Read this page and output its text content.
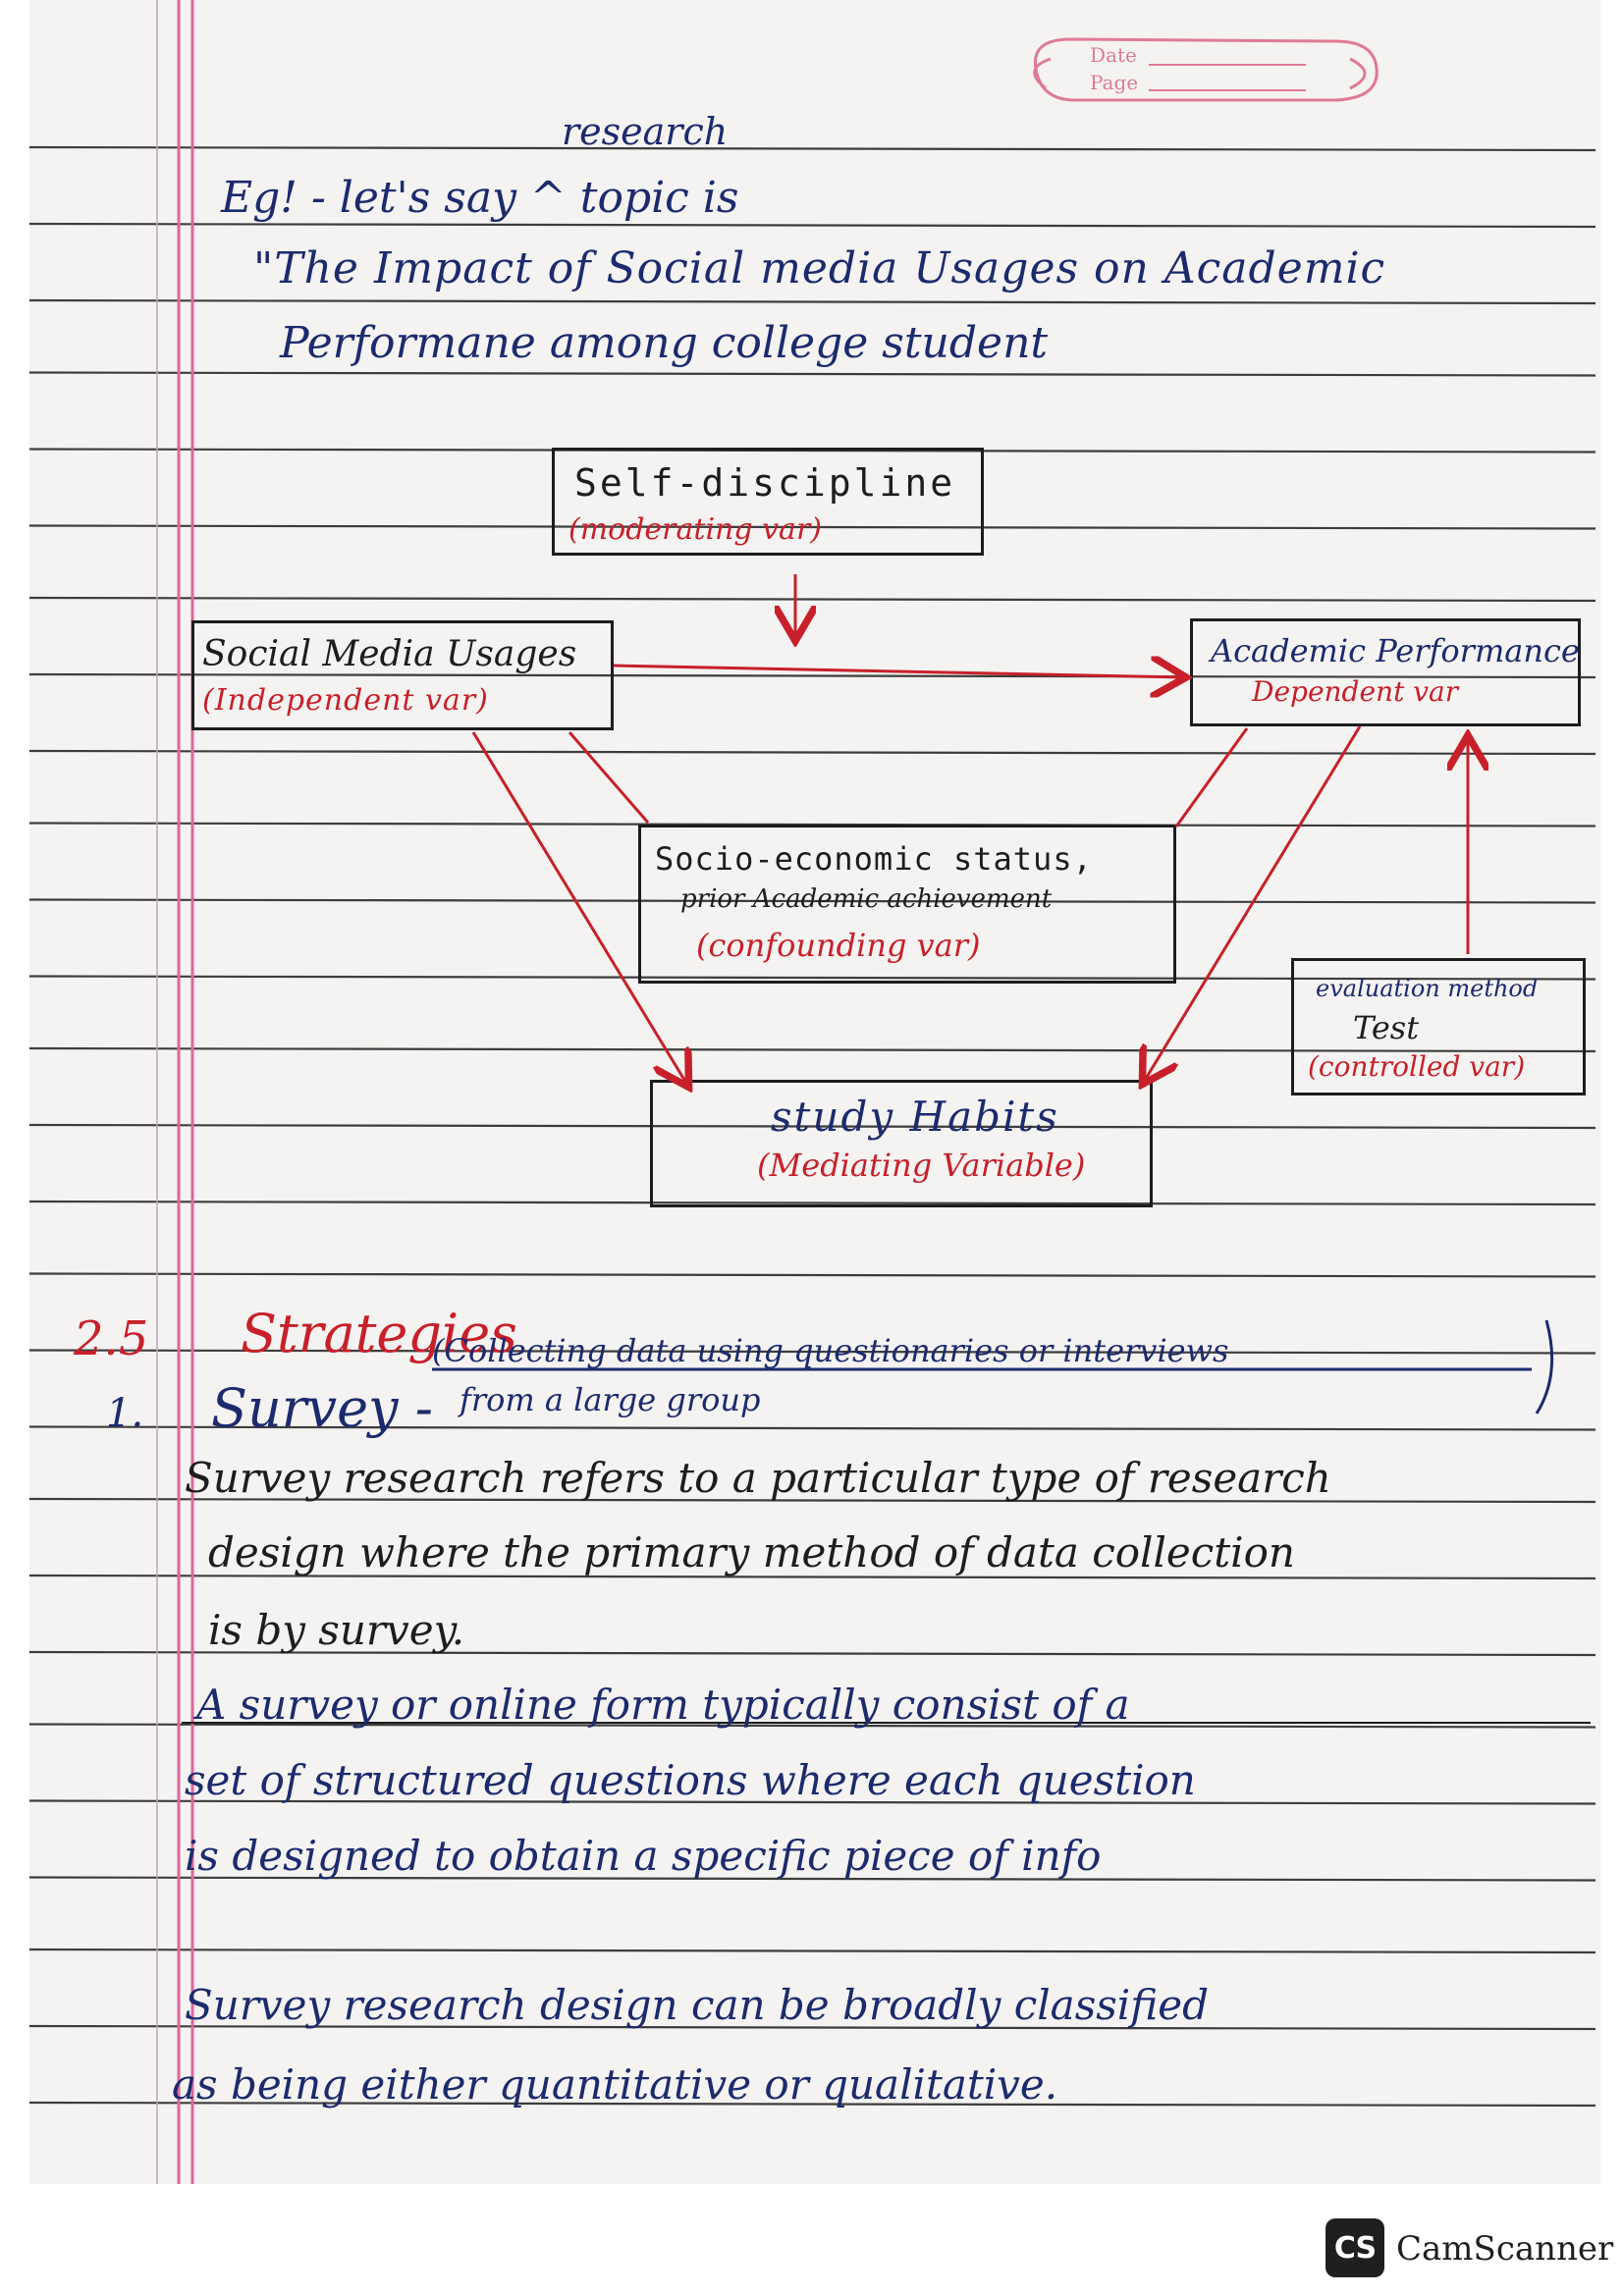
Date
Page
research
Eg! - let's say ^ topic is
"The Impact of Social media Usages on Academic
Performane among college student
Self-discipline
(moderating var)
Social Media Usages
(Independent var)
Academic Performance
Dependent var
Socio-economic status,
prior Academic achievement
(confounding var)
evaluation method
Test
(controlled var)
study Habits
(Mediating Variable)
2.5 Strategies
1. Survey -
(Collecting data using questionaries or interviews
from a large group
Survey research refers to a particular type of research
design where the primary method of data collection
is by survey.
A survey or online form typically consist of a
set of structured questions where each question
is designed to obtain a specific piece of info
Survey research design can be broadly classified
as being either quantitative or qualitative.
CS CamScanner
